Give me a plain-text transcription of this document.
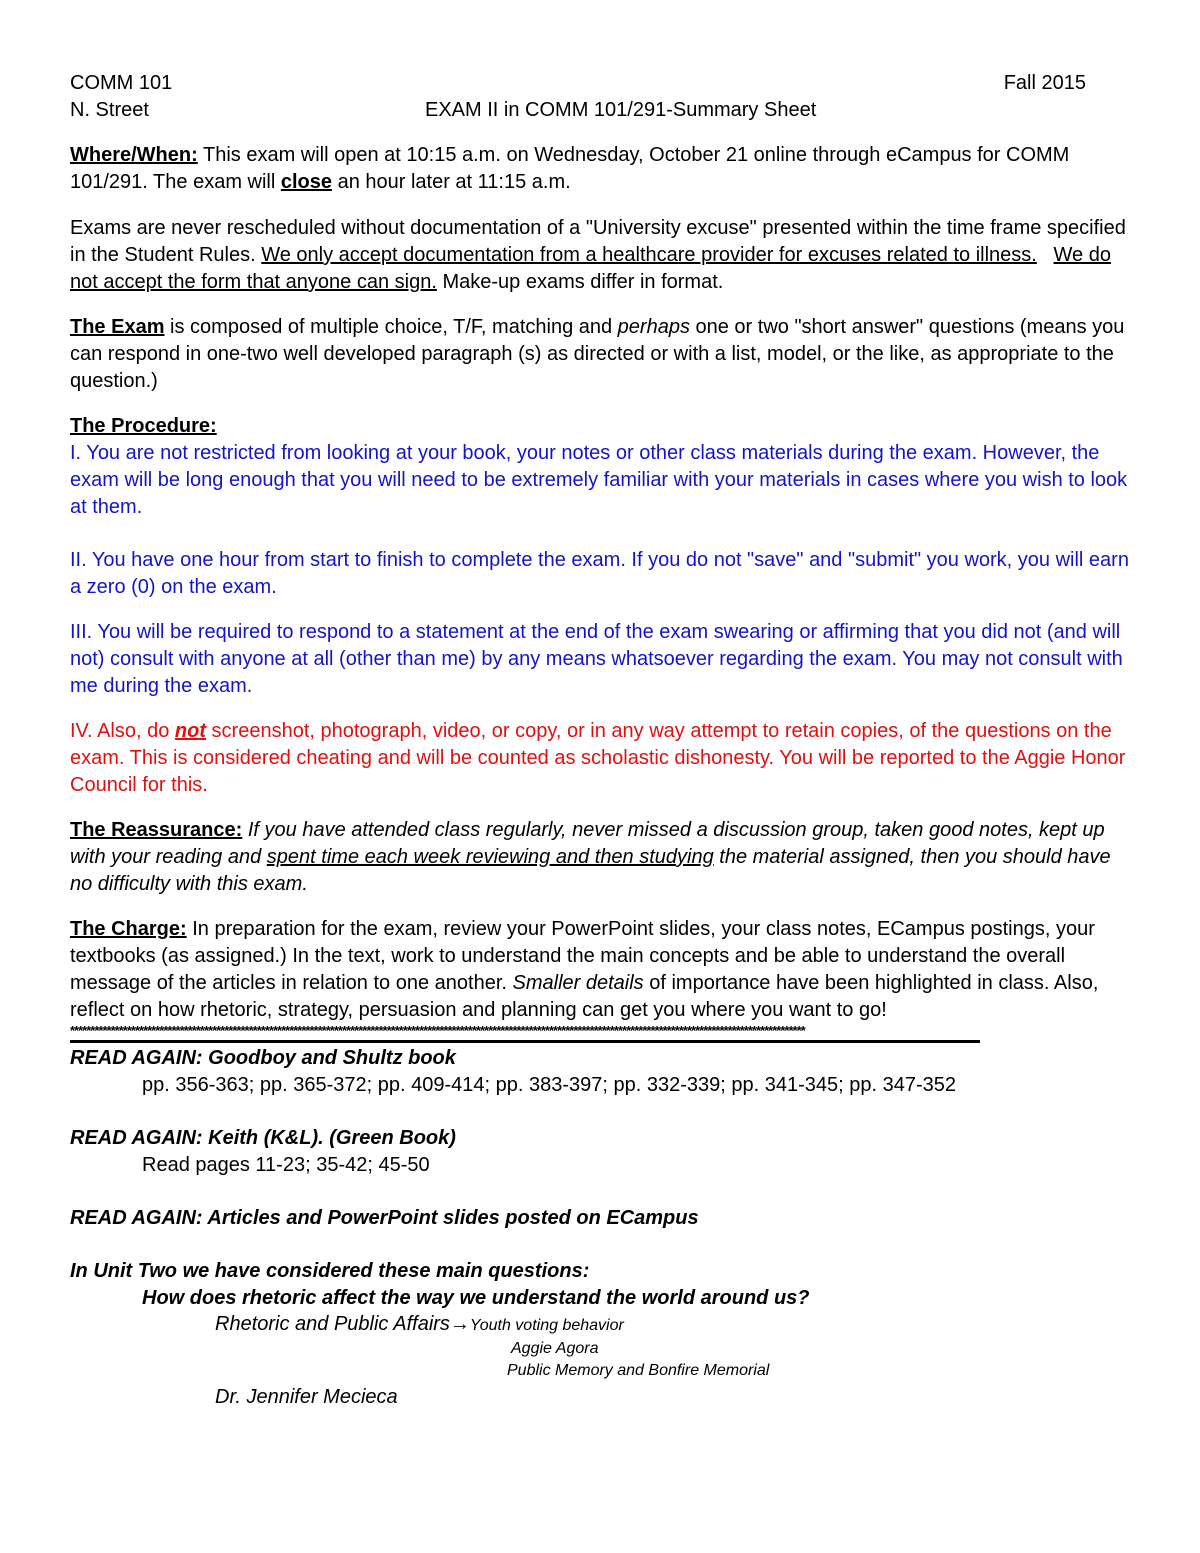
COMM 101	Fall 2015
N. Street	EXAM II in COMM 101/291-Summary Sheet

Where/When: This exam will open at 10:15 a.m. on Wednesday, October 21 online through eCampus for COMM 101/291. The exam will close an hour later at 11:15 a.m.

Exams are never rescheduled without documentation of a "University excuse" presented within the time frame specified in the Student Rules. We only accept documentation from a healthcare provider for excuses related to illness. We do not accept the form that anyone can sign. Make-up exams differ in format.

The Exam is composed of multiple choice, T/F, matching and perhaps one or two "short answer" questions (means you can respond in one-two well developed paragraph (s) as directed or with a list, model, or the like, as appropriate to the question.)

The Procedure:

I. You are not restricted from looking at your book, your notes or other class materials during the exam. However, the exam will be long enough that you will need to be extremely familiar with your materials in cases where you wish to look at them.

II. You have one hour from start to finish to complete the exam. If you do not "save" and "submit" you work, you will earn a zero (0) on the exam.

III. You will be required to respond to a statement at the end of the exam swearing or affirming that you did not (and will not) consult with anyone at all (other than me) by any means whatsoever regarding the exam. You may not consult with me during the exam.

IV. Also, do not screenshot, photograph, video, or copy, or in any way attempt to retain copies, of the questions on the exam. This is considered cheating and will be counted as scholastic dishonesty. You will be reported to the Aggie Honor Council for this.

The Reassurance: If you have attended class regularly, never missed a discussion group, taken good notes, kept up with your reading and spent time each week reviewing and then studying the material assigned, then you should have no difficulty with this exam.

The Charge: In preparation for the exam, review your PowerPoint slides, your class notes, ECampus postings, your textbooks (as assigned.) In the text, work to understand the main concepts and be able to understand the overall message of the articles in relation to one another. Smaller details of importance have been highlighted in class. Also, reflect on how rhetoric, strategy, persuasion and planning can get you where you want to go!

*************************************************************************************************************************************************************************************

READ AGAIN: Goodboy and Shultz book

pp. 356-363; pp. 365-372; pp. 409-414; pp. 383-397; pp. 332-339; pp. 341-345; pp. 347-352

READ AGAIN: Keith (K&L). (Green Book)

Read pages 11-23; 35-42; 45-50

READ AGAIN: Articles and PowerPoint slides posted on ECampus

In Unit Two we have considered these main questions:

How does rhetoric affect the way we understand the world around us?

Rhetoric and Public Affairs→Youth voting behavior

Aggie Agora

Public Memory and Bonfire Memorial

Dr. Jennifer Mecieca
